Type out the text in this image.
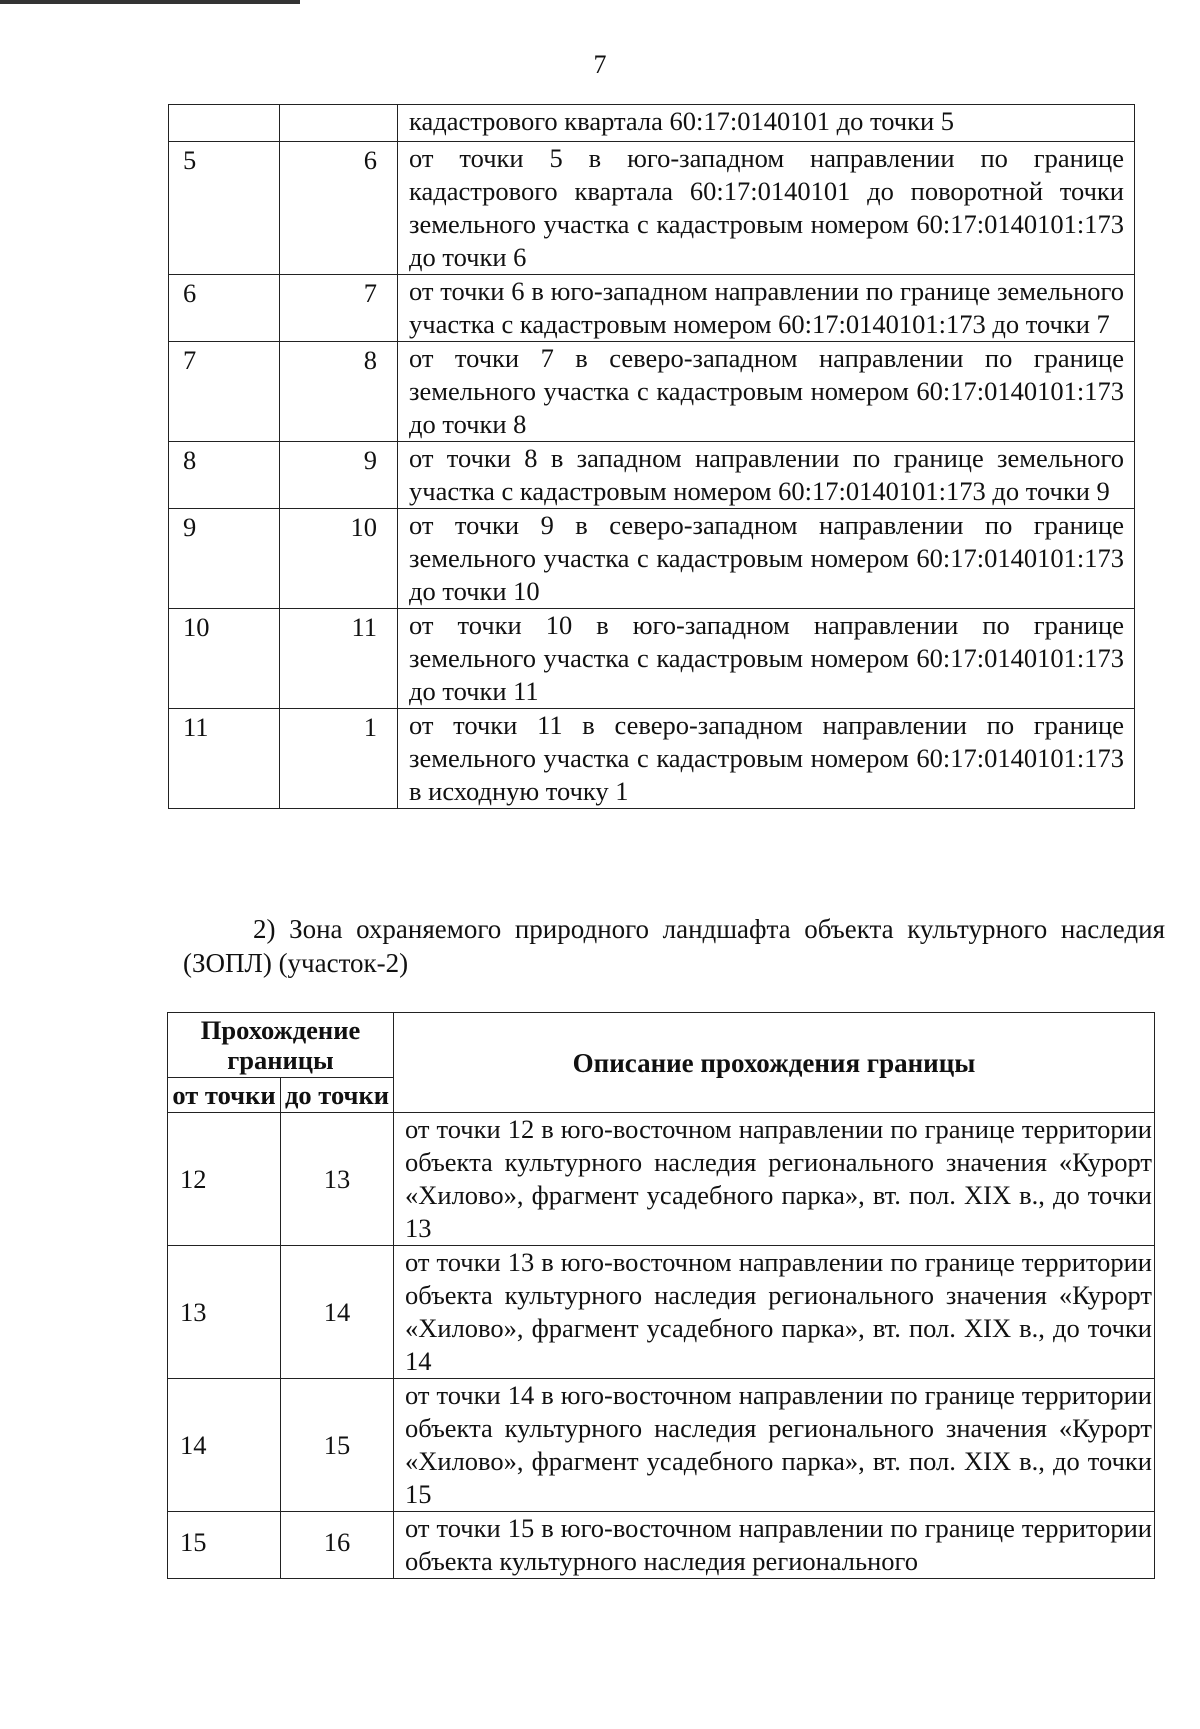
7
		кадастрового квартала 60:17:0140101 до точки 5
5	6	от точки 5 в юго-западном направлении по границе кадастрового квартала 60:17:0140101 до поворотной точки земельного участка с кадастровым номером 60:17:0140101:173 до точки 6
6	7	от точки 6 в юго-западном направлении по границе земельного участка с кадастровым номером 60:17:0140101:173 до точки 7
7	8	от точки 7 в северо-западном направлении по границе земельного участка с кадастровым номером 60:17:0140101:173 до точки 8
8	9	от точки 8 в западном направлении по границе земельного участка с кадастровым номером 60:17:0140101:173 до точки 9
9	10	от точки 9 в северо-западном направлении по границе земельного участка с кадастровым номером 60:17:0140101:173 до точки 10
10	11	от точки 10 в юго-западном направлении по границе земельного участка с кадастровым номером 60:17:0140101:173 до точки 11
11	1	от точки 11 в северо-западном направлении по границе земельного участка с кадастровым номером 60:17:0140101:173 в исходную точку 1
2) Зона охраняемого природного ландшафта объекта культурного наследия (ЗОПЛ) (участок-2)
Прохождение границы		Описание прохождения границы
от точки	до точки	
12	13	от точки 12 в юго-восточном направлении по границе территории объекта культурного наследия регионального значения «Курорт «Хилово», фрагмент усадебного парка», вт. пол. XIX в., до точки 13
13	14	от точки 13 в юго-восточном направлении по границе территории объекта культурного наследия регионального значения «Курорт «Хилово», фрагмент усадебного парка», вт. пол. XIX в., до точки 14
14	15	от точки 14 в юго-восточном направлении по границе территории объекта культурного наследия регионального значения «Курорт «Хилово», фрагмент усадебного парка», вт. пол. XIX в., до точки 15
15	16	от точки 15 в юго-восточном направлении по границе территории объекта культурного наследия регионального
